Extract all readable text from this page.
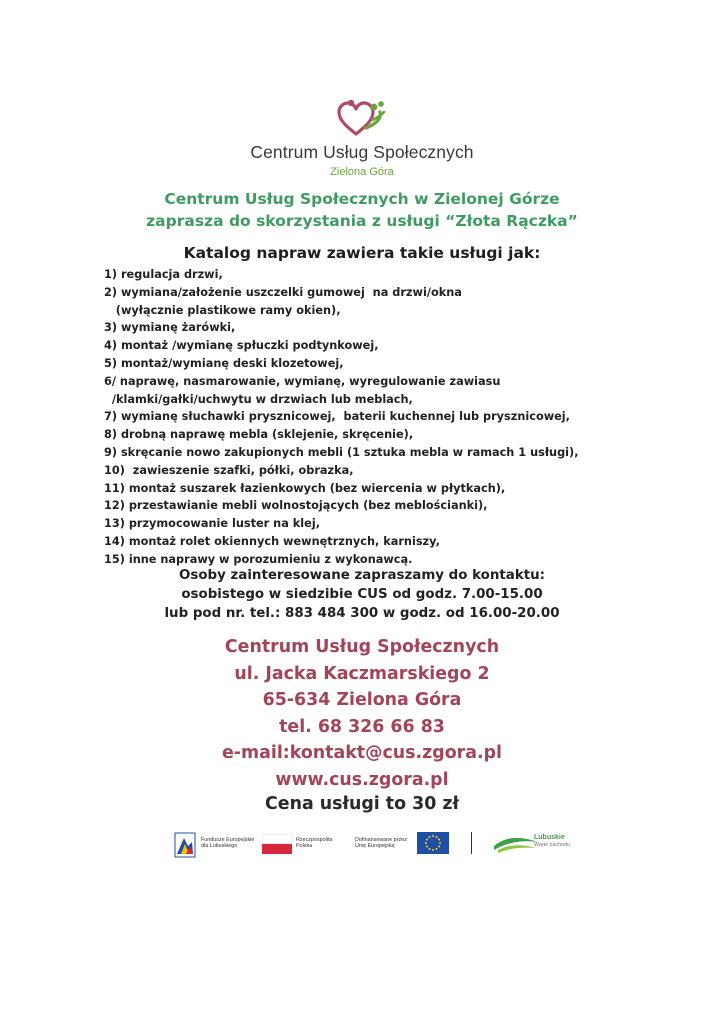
Centrum Usług Społecznych
Zielona Góra
Centrum Usług Społecznych w Zielonej Górze
zaprasza do skorzystania z usługi “Złota Rączka”
Katalog napraw zawiera takie usługi jak:
1) regulacja drzwi,
2) wymiana/założenie uszczelki gumowej  na drzwi/okna
(wyłącznie plastikowe ramy okien),
3) wymianę żarówki,
4) montaż /wymianę spłuczki podtynkowej,
5) montaż/wymianę deski klozetowej,
6/ naprawę, nasmarowanie, wymianę, wyregulowanie zawiasu
/klamki/gałki/uchwytu w drzwiach lub meblach,
7) wymianę słuchawki prysznicowej,  baterii kuchennej lub prysznicowej,
8) drobną naprawę mebla (sklejenie, skręcenie),
9) skręcanie nowo zakupionych mebli (1 sztuka mebla w ramach 1 usługi),
10)  zawieszenie szafki, półki, obrazka,
11) montaż suszarek łazienkowych (bez wiercenia w płytkach),
12) przestawianie mebli wolnostojących (bez meblościanki),
13) przymocowanie luster na klej,
14) montaż rolet okiennych wewnętrznych, karniszy,
15) inne naprawy w porozumieniu z wykonawcą.
Osoby zainteresowane zapraszamy do kontaktu:
osobistego w siedzibie CUS od godz. 7.00-15.00
lub pod nr. tel.: 883 484 300 w godz. od 16.00-20.00
Centrum Usług Społecznych
ul. Jacka Kaczmarskiego 2
65-634 Zielona Góra
tel. 68 326 66 83
e-mail:kontakt@cus.zgora.pl
www.cus.zgora.pl
Cena usługi to 30 zł
Fundusze Europejskie
dla Lubuskiego
Rzeczpospolita
Polska
Dofinansowane przez
Unię Europejską
Lubuskie
Warte zachodu
